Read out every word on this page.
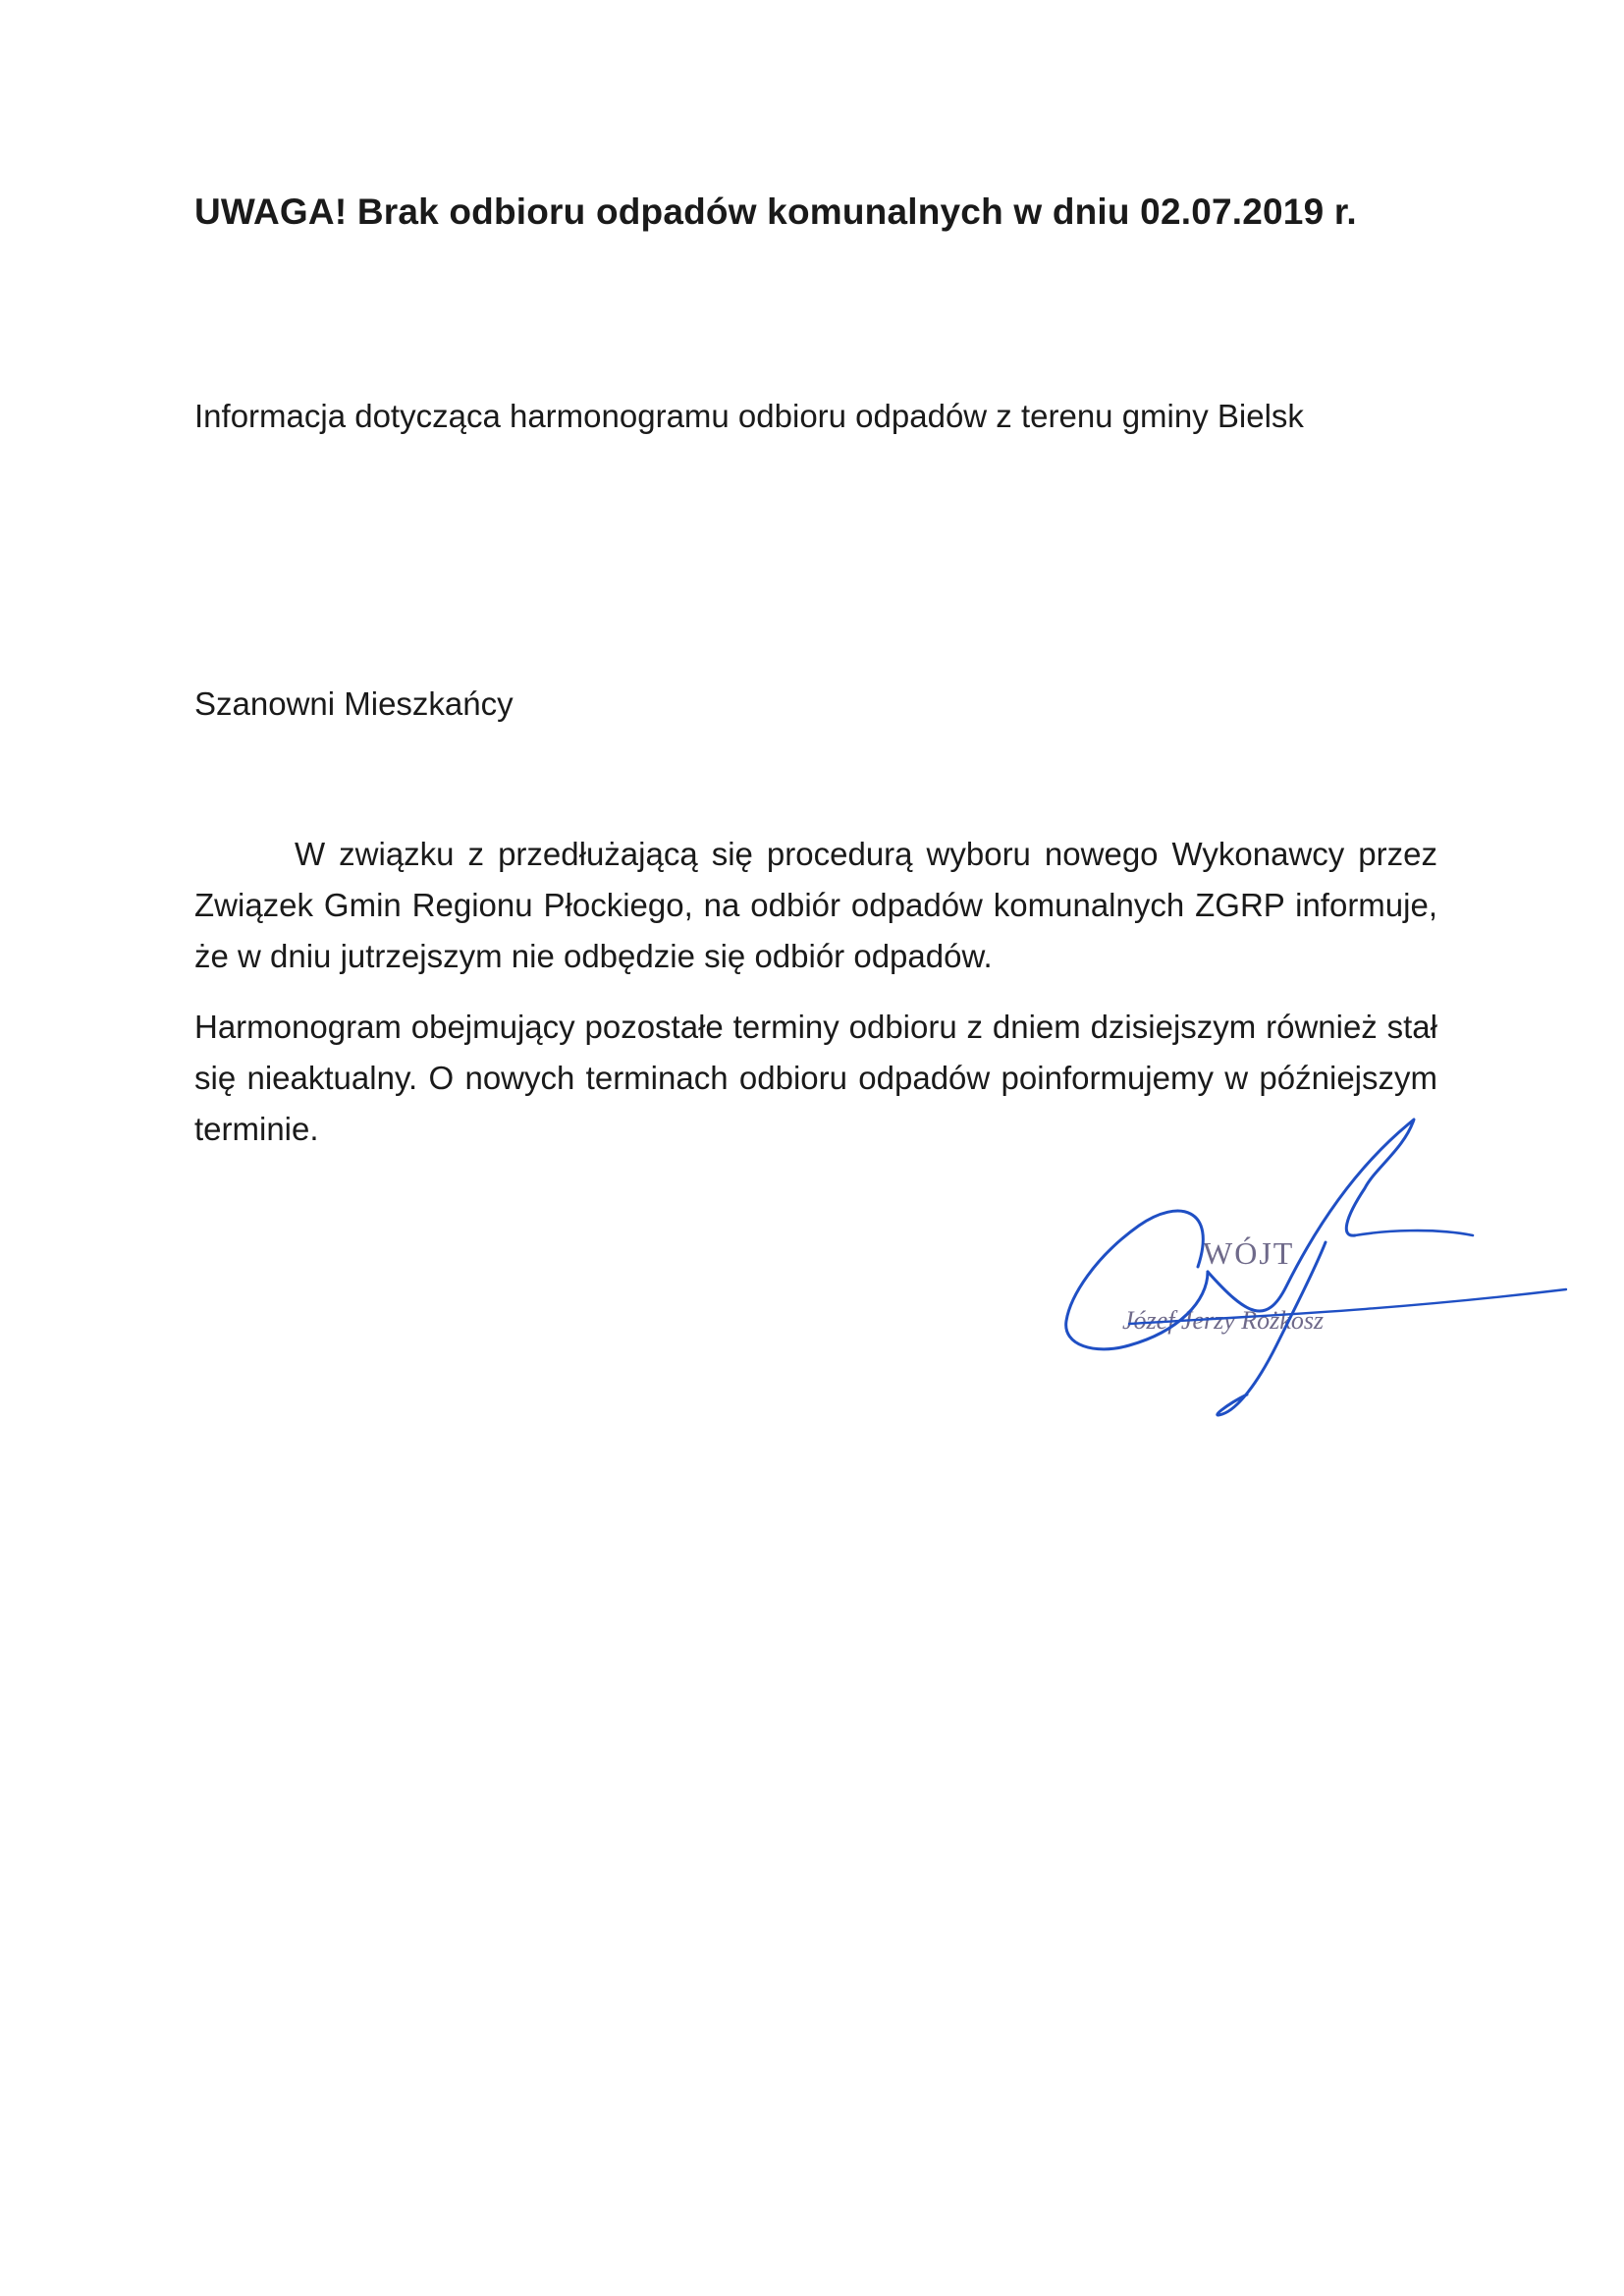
UWAGA! Brak odbioru odpadów komunalnych w dniu 02.07.2019 r.
Informacja dotycząca harmonogramu odbioru odpadów z terenu gminy Bielsk
Szanowni Mieszkańcy
W związku z przedłużającą się procedurą wyboru nowego Wykonawcy przez Związek Gmin Regionu Płockiego, na odbiór odpadów komunalnych ZGRP informuje, że w dniu jutrzejszym nie odbędzie się odbiór odpadów.
Harmonogram obejmujący pozostałe terminy odbioru z dniem dzisiejszym również stał się nieaktualny. O nowych terminach odbioru odpadów poinformujemy w późniejszym terminie.
WÓJT
Józef Jerzy Rożkosz
